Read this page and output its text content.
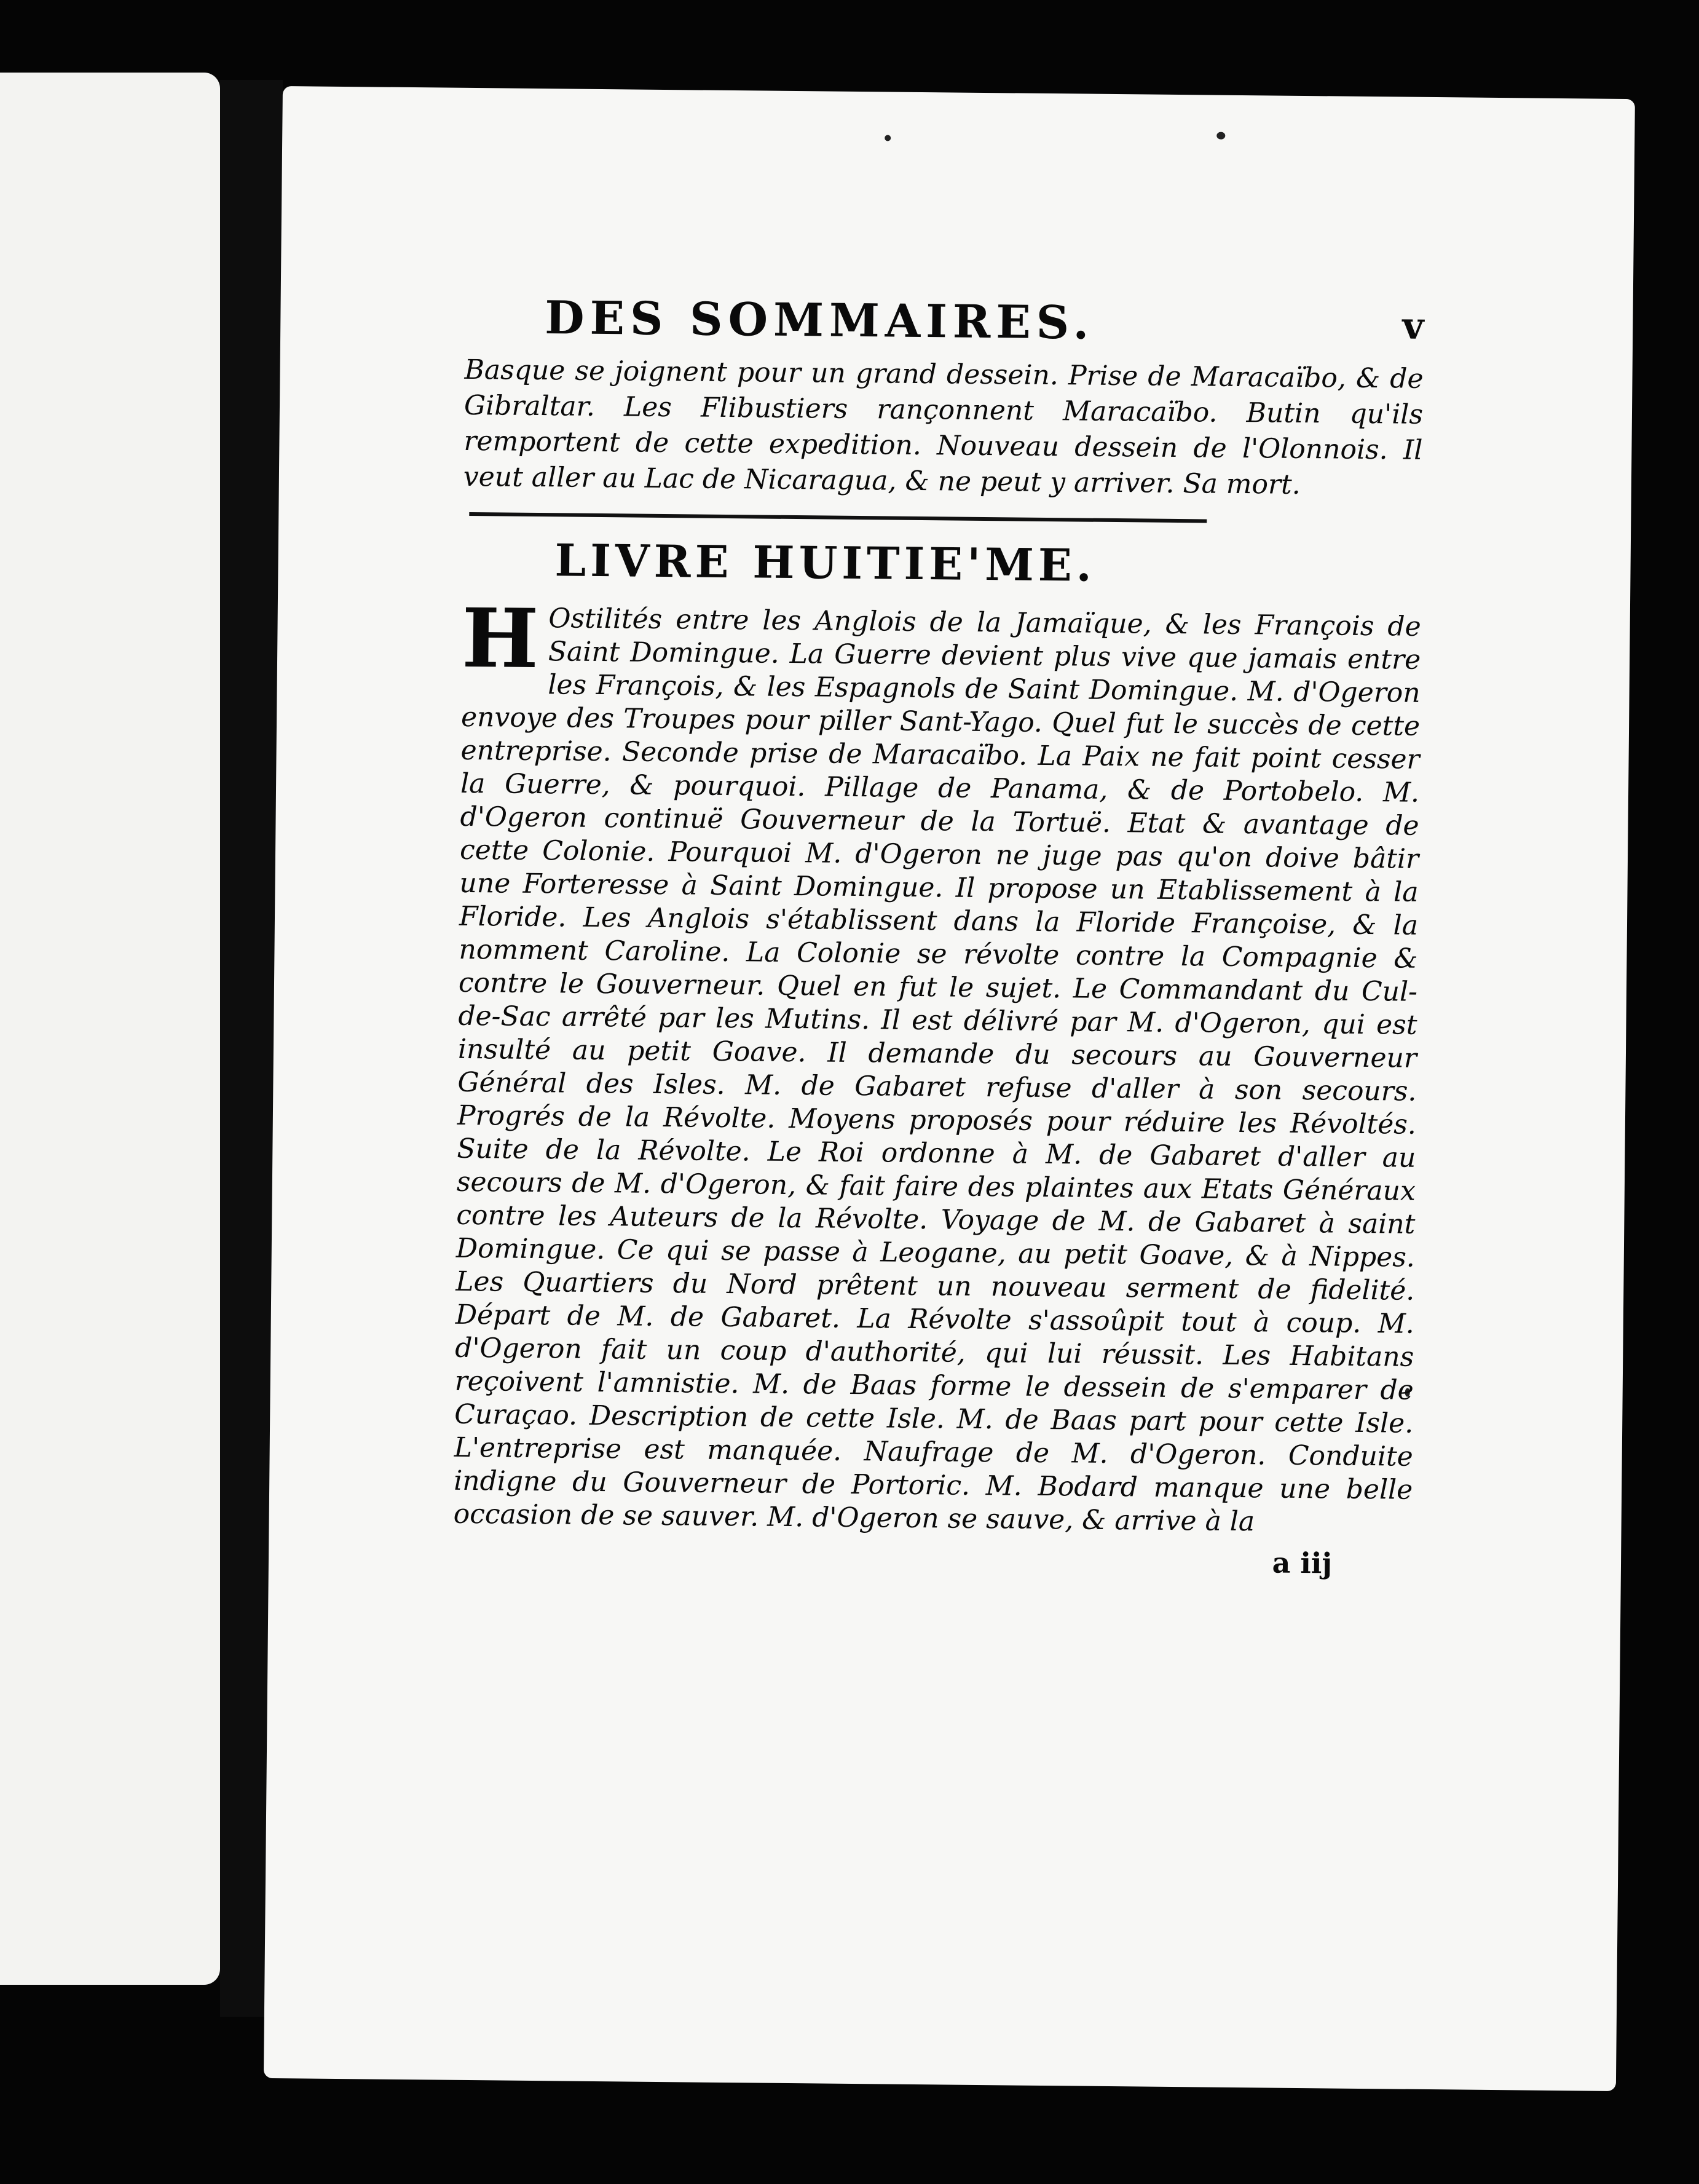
DES SOMMAIRES.	v

Basque se joignent pour un grand dessein. Prise de Maracaïbo, & de Gibraltar. Les Flibustiers rançonnent Maracaïbo. Butin qu'ils remportent de cette expedition. Nouveau dessein de l'Olonnois. Il veut aller au Lac de Nicaragua, & ne peut y arriver. Sa mort.

LIVRE HUITIE'ME.

H Ostilités entre les Anglois de la Jamaïque, & les François de Saint Domingue. La Guerre devient plus vive que jamais entre les François, & les Espagnols de Saint Domingue. M. d'Ogeron envoye des Troupes pour piller Sant-Yago. Quel fut le succès de cette entreprise. Seconde prise de Maracaïbo. La Paix ne fait point cesser la Guerre, & pourquoi. Pillage de Panama, & de Portobelo. M. d'Ogeron continuë Gouverneur de la Tortuë. Etat & avantage de cette Colonie. Pourquoi M. d'Ogeron ne juge pas qu'on doive bâtir une Forteresse à Saint Domingue. Il propose un Etablissement à la Floride. Les Anglois s'établissent dans la Floride Françoise, & la nomment Caroline. La Colonie se révolte contre la Compagnie & contre le Gouverneur. Quel en fut le sujet. Le Commandant du Cul-de-Sac arrêté par les Mutins. Il est délivré par M. d'Ogeron, qui est insulté au petit Goave. Il demande du secours au Gouverneur Général des Isles. M. de Gabaret refuse d'aller à son secours. Progrés de la Révolte. Moyens proposés pour réduire les Révoltés. Suite de la Révolte. Le Roi ordonne à M. de Gabaret d'aller au secours de M. d'Ogeron, & fait faire des plaintes aux Etats Généraux contre les Auteurs de la Révolte. Voyage de M. de Gabaret à saint Domingue. Ce qui se passe à Leogane, au petit Goave, & à Nippes. Les Quartiers du Nord prêtent un nouveau serment de fidelité. Départ de M. de Gabaret. La Révolte s'assoûpit tout à coup. M. d'Ogeron fait un coup d'authorité, qui lui réussit. Les Habitans reçoivent l'amnistie. M. de Baas forme le dessein de s'emparer de Curaçao. Description de cette Isle. M. de Baas part pour cette Isle. L'entreprise est manquée. Naufrage de M. d'Ogeron. Conduite indigne du Gouverneur de Portoric. M. Bodard manque une belle occasion de se sauver. M. d'Ogeron se sauve, & arrive à la

a iij
